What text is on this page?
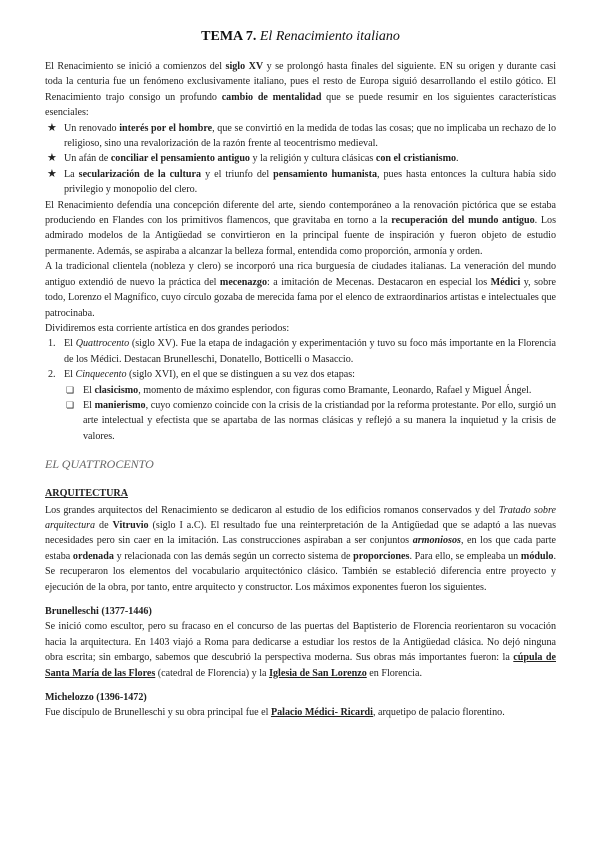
TEMA 7. El Renacimiento italiano

El Renacimiento se inició a comienzos del siglo XV y se prolongó hasta finales del siguiente. EN su origen y durante casi toda la centuria fue un fenómeno exclusivamente italiano, pues el resto de Europa siguió desarrollando el estilo gótico. El Renacimiento trajo consigo un profundo cambio de mentalidad que se puede resumir en los siguientes características esenciales:

★ Un renovado interés por el hombre, que se convirtió en la medida de todas las cosas; que no implicaba un rechazo de lo religioso, sino una revalorización de la razón frente al teocentrismo medieval.
★ Un afán de conciliar el pensamiento antiguo y la religión y cultura clásicas con el cristianismo.
★ La secularización de la cultura y el triunfo del pensamiento humanista, pues hasta entonces la cultura había sido privilegio y monopolio del clero.

El Renacimiento defendía una concepción diferente del arte, siendo contemporáneo a la renovación pictórica que se estaba produciendo en Flandes con los primitivos flamencos, que gravitaba en torno a la recuperación del mundo antiguo. Los admirado modelos de la Antigüedad se convirtieron en la principal fuente de inspiración y fueron objeto de estudio permanente. Además, se aspiraba a alcanzar la belleza formal, entendida como proporción, armonía y orden.

A la tradicional clientela (nobleza y clero) se incorporó una rica burguesía de ciudades italianas. La veneración del mundo antiguo extendió de nuevo la práctica del mecenazgo: a imitación de Mecenas. Destacaron en especial los Médici y, sobre todo, Lorenzo el Magnífico, cuyo círculo gozaba de merecida fama por el elenco de extraordinarios artistas e intelectuales que patrocinaba.

Dividiremos esta corriente artística en dos grandes periodos:

1. El Quattrocento (siglo XV). Fue la etapa de indagación y experimentación y tuvo su foco más importante en la Florencia de los Médici. Destacan Brunelleschi, Donatello, Botticelli o Masaccio.
2. El Cinquecento (siglo XVI), en el que se distinguen a su vez dos etapas:
❏ El clasicismo, momento de máximo esplendor, con figuras como Bramante, Leonardo, Rafael y Miguel Ángel.
❏ El manierismo, cuyo comienzo coincide con la crisis de la cristiandad por la reforma protestante. Por ello, surgió un arte intelectual y efectista que se apartaba de las normas clásicas y reflejó a su manera la inquietud y la crisis de valores.
EL QUATTROCENTO
ARQUITECTURA

Los grandes arquitectos del Renacimiento se dedicaron al estudio de los edificios romanos conservados y del Tratado sobre arquitectura de Vitruvio (siglo I a.C). El resultado fue una reinterpretación de la Antigüedad que se adaptó a las nuevas necesidades pero sin caer en la imitación. Las construcciones aspiraban a ser conjuntos armoniosos, en los que cada parte estaba ordenada y relacionada con las demás según un correcto sistema de proporciones. Para ello, se empleaba un módulo. Se recuperaron los elementos del vocabulario arquitectónico clásico. También se estableció diferencia entre proyecto y ejecución de la obra, por tanto, entre arquitecto y constructor. Los máximos exponentes fueron los siguientes.

Brunelleschi (1377-1446)

Se inició como escultor, pero su fracaso en el concurso de las puertas del Baptisterio de Florencia reorientaron su vocación hacia la arquitectura. En 1403 viajó a Roma para dedicarse a estudiar los restos de la Antigüedad clásica. No dejó ninguna obra escrita; sin embargo, sabemos que descubrió la perspectiva moderna. Sus obras más importantes fueron: la cúpula de Santa María de las Flores (catedral de Florencia) y la Iglesia de San Lorenzo en Florencia.

Michelozzo (1396-1472)

Fue discípulo de Brunelleschi y su obra principal fue el Palacio Médici- Ricardi, arquetipo de palacio florentino.
